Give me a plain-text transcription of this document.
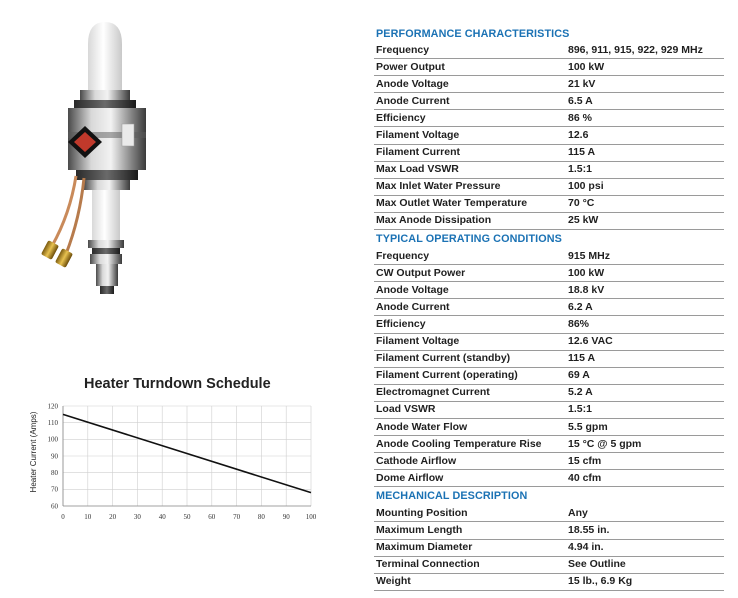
Heater Turndown Schedule
60
70
80
90
100
110
120
0	10	20	30	40	50	60	70	80	90 100
Heater Current (Amps)
PERFORMANCE CHARACTERISTICS
Frequency	896, 911, 915, 922, 929 MHz
Power Output	100 kW
Anode Voltage	21 kV
Anode Current	6.5 A
Efficiency	86 %
Filament Voltage	12.6
Filament Current	115 A
Max Load VSWR	1.5:1
Max Inlet Water Pressure	100 psi
Max Outlet Water Temperature	70 °C
Max Anode Dissipation	25 kW
TYPICAL OPERATING CONDITIONS
Frequency	915 MHz
CW Output Power	100 kW
Anode Voltage	18.8 kV
Anode Current	6.2 A
Efficiency	86%
Filament Voltage	12.6 VAC
Filament Current (standby)	115 A
Filament Current (operating)	69 A
Electromagnet Current	5.2 A
Load VSWR	1.5:1
Anode Water Flow	5.5 gpm
Anode Cooling Temperature Rise	15 °C @ 5 gpm
Cathode Airflow	15 cfm
Dome Airflow	40 cfm
MECHANICAL DESCRIPTION
Mounting Position	Any
Maximum Length	18.55 in.
Maximum Diameter	4.94 in.
Terminal Connection	See Outline
Weight	15 lb., 6.9 Kg
